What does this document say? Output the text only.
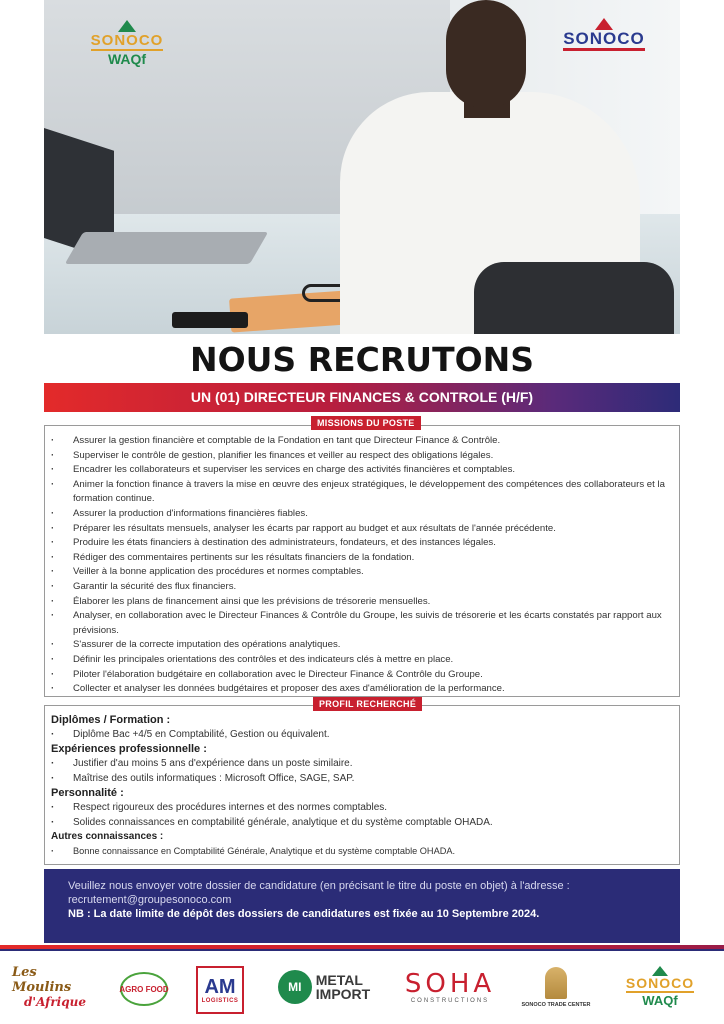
SONOCO
WAQf
SONOCO
NOUS RECRUTONS
UN (01) DIRECTEUR FINANCES & CONTROLE (H/F)
· Assurer la gestion financière et comptable de la Fondation en tant que Directeur Finance & Contrôle.
· Superviser le contrôle de gestion, planifier les finances et veiller au respect des obligations légales.
· Encadrer les collaborateurs et superviser les services en charge des activités financières et comptables.
· Animer la fonction finance à travers la mise en œuvre des enjeux stratégiques, le développement des compétences des collaborateurs et la formation continue.
· Assurer la production d'informations financières fiables.
· Préparer les résultats mensuels, analyser les écarts par rapport au budget et aux résultats de l'année précédente.
· Produire les états financiers à destination des administrateurs, fondateurs, et des instances légales.
· Rédiger des commentaires pertinents sur les résultats financiers de la fondation.
· Veiller à la bonne application des procédures et normes comptables.
· Garantir la sécurité des flux financiers.
· Élaborer les plans de financement ainsi que les prévisions de trésorerie mensuelles.
· Analyser, en collaboration avec le Directeur Finances & Contrôle du Groupe, les suivis de trésorerie et les écarts constatés par rapport aux prévisions.
· S'assurer de la correcte imputation des opérations analytiques.
· Définir les principales orientations des contrôles et des indicateurs clés à mettre en place.
· Piloter l'élaboration budgétaire en collaboration avec le Directeur Finance & Contrôle du Groupe.
· Collecter et analyser les données budgétaires et proposer des axes d'amélioration de la performance.
MISSIONS DU POSTE
Diplômes / Formation :
· Diplôme Bac +4/5 en Comptabilité, Gestion ou équivalent.
Expériences professionnelle :
· Justifier d'au moins 5 ans d'expérience dans un poste similaire.
· Maîtrise des outils informatiques : Microsoft Office, SAGE, SAP.
Personnalité :
· Respect rigoureux des procédures internes et des normes comptables.
· Solides connaissances en comptabilité générale, analytique et du système comptable OHADA.
Autres connaissances :
· Bonne connaissance en Comptabilité Générale, Analytique et du système comptable OHADA.
PROFIL RECHERCHÉ
Veuillez nous envoyer votre dossier de candidature (en précisant le titre du poste en objet) à l'adresse :
recrutement@groupesonoco.com
NB : La date limite de dépôt des dossiers de candidatures est fixée au 10 Septembre 2024.
Les Moulins
d'Afrique
AGRO
FOOD AM
LOGISTICS
MI	METAL
IMPORT SOHA
CONSTRUCTIONS
SONOCO TRADE CENTER
SONOCO
WAQf
